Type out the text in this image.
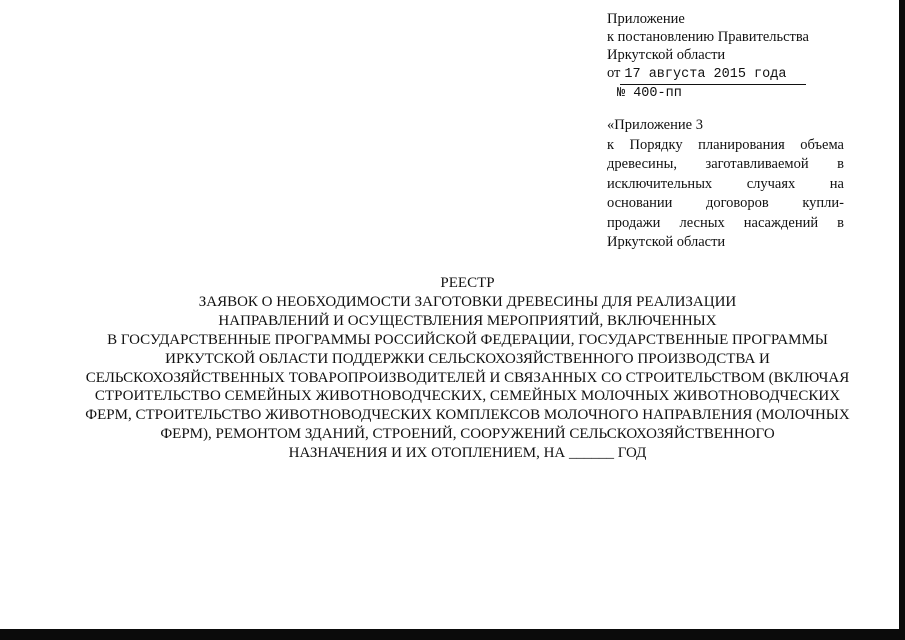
Приложение
к постановлению Правительства
Иркутской области
от 17 августа 2015 года
№ 400-пп
«Приложение 3
к Порядку планирования объема
древесины, заготавливаемой в
исключительных случаях на
основании договоров купли-
продажи лесных насаждений в
Иркутской области
РЕЕСТР
ЗАЯВОК О НЕОБХОДИМОСТИ ЗАГОТОВКИ ДРЕВЕСИНЫ ДЛЯ РЕАЛИЗАЦИИ
НАПРАВЛЕНИЙ И ОСУЩЕСТВЛЕНИЯ МЕРОПРИЯТИЙ, ВКЛЮЧЕННЫХ
В ГОСУДАРСТВЕННЫЕ ПРОГРАММЫ РОССИЙСКОЙ ФЕДЕРАЦИИ, ГОСУДАРСТВЕННЫЕ ПРОГРАММЫ
ИРКУТСКОЙ ОБЛАСТИ ПОДДЕРЖКИ СЕЛЬСКОХОЗЯЙСТВЕННОГО ПРОИЗВОДСТВА И
СЕЛЬСКОХОЗЯЙСТВЕННЫХ ТОВАРОПРОИЗВОДИТЕЛЕЙ И СВЯЗАННЫХ СО СТРОИТЕЛЬСТВОМ (ВКЛЮЧАЯ
СТРОИТЕЛЬСТВО СЕМЕЙНЫХ ЖИВОТНОВОДЧЕСКИХ, СЕМЕЙНЫХ МОЛОЧНЫХ ЖИВОТНОВОДЧЕСКИХ
ФЕРМ, СТРОИТЕЛЬСТВО ЖИВОТНОВОДЧЕСКИХ КОМПЛЕКСОВ МОЛОЧНОГО НАПРАВЛЕНИЯ (МОЛОЧНЫХ
ФЕРМ), РЕМОНТОМ ЗДАНИЙ, СТРОЕНИЙ, СООРУЖЕНИЙ СЕЛЬСКОХОЗЯЙСТВЕННОГО
НАЗНАЧЕНИЯ И ИХ ОТОПЛЕНИЕМ, НА ______ ГОД
